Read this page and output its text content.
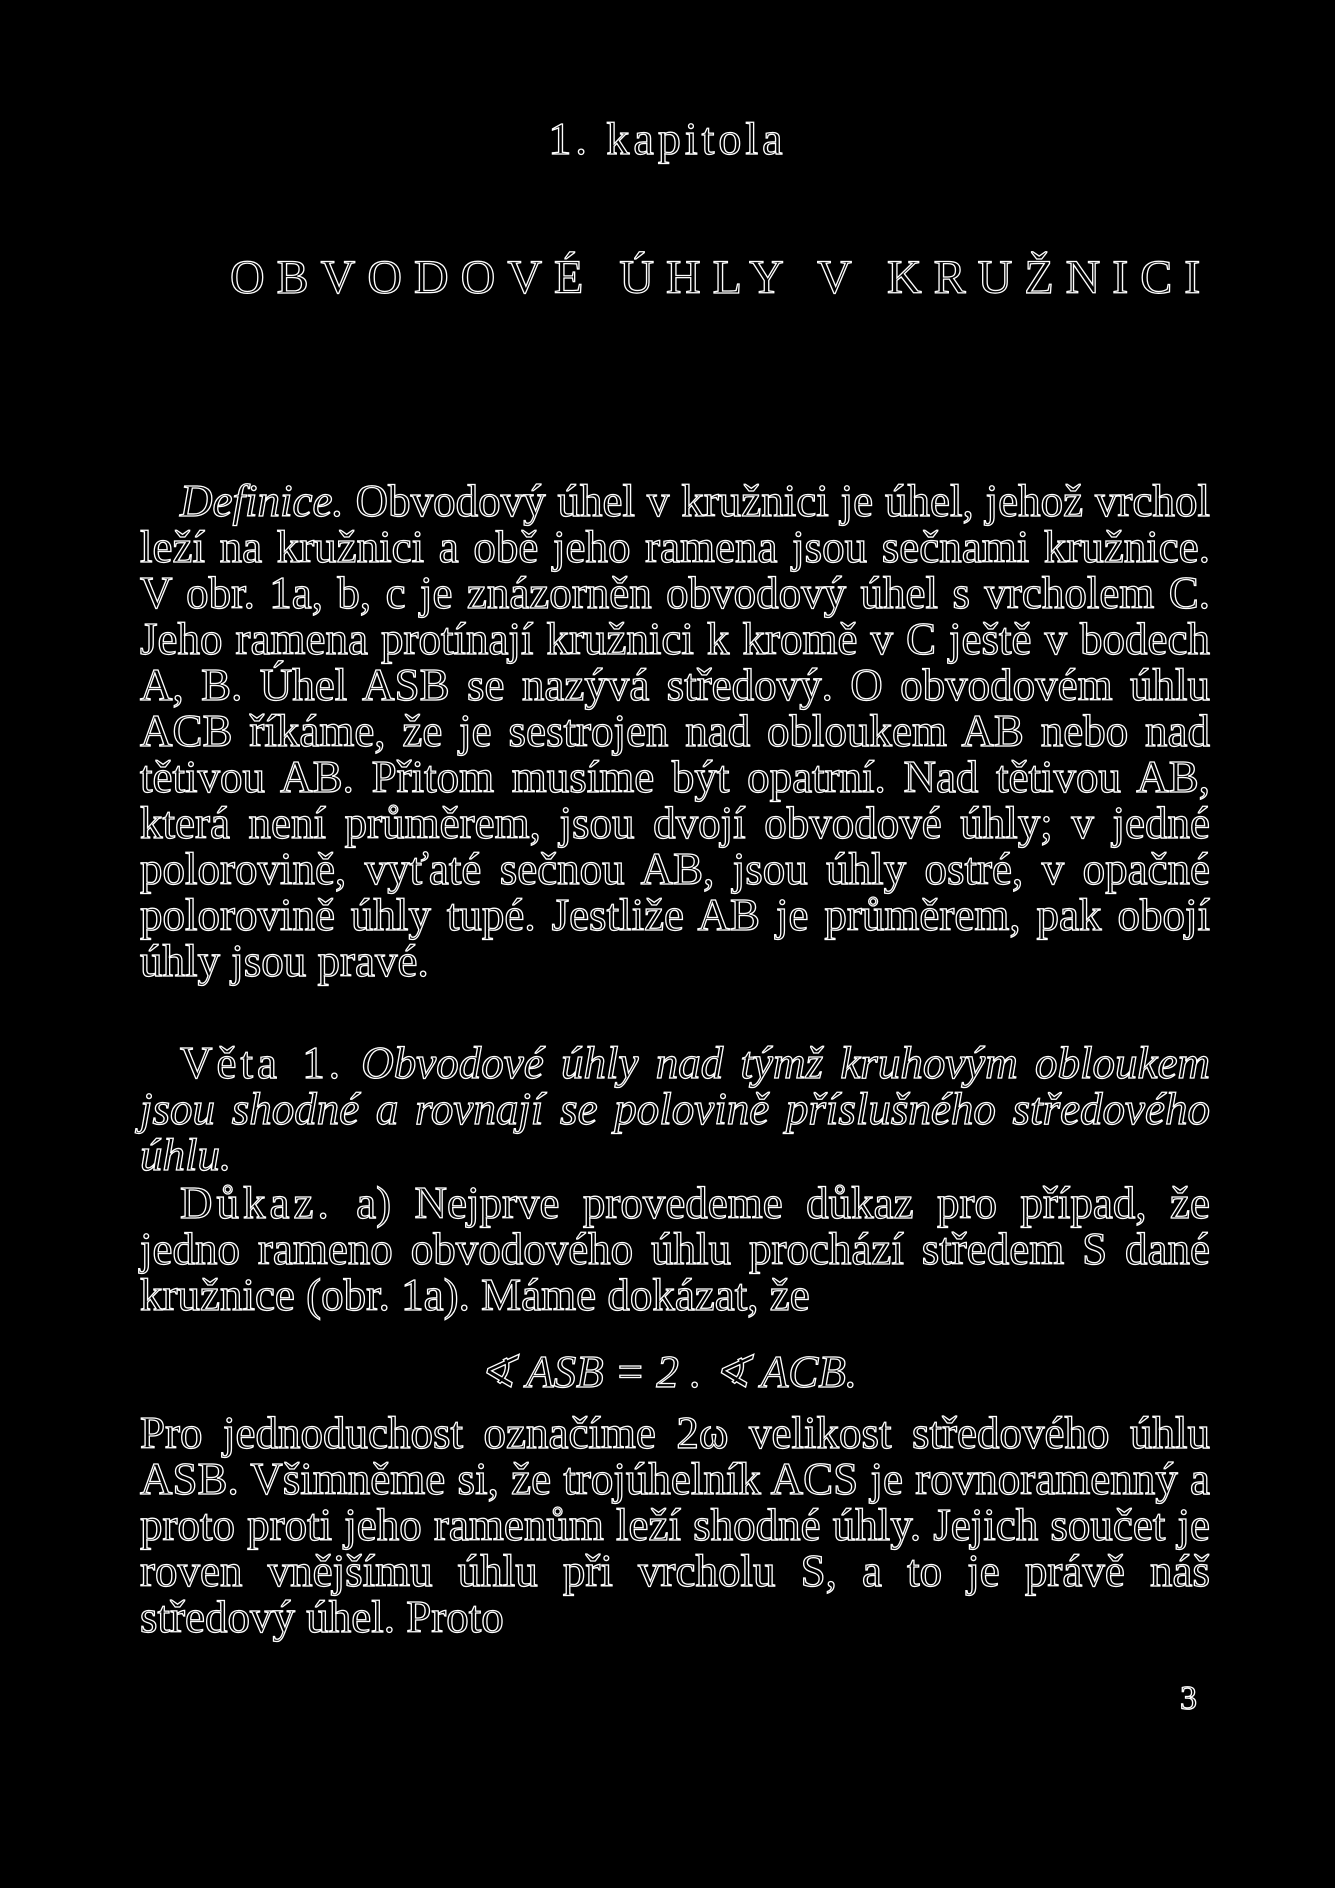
1. kapitola
OBVODOVÉ ÚHLY V KRUŽNICI
Definice. Obvodový úhel v kružnici je úhel, jehož vrchol leží na kružnici a obě jeho ramena jsou sečnami kružnice. V obr. 1a, b, c je znázorněn obvodový úhel s vrcholem C. Jeho ramena protínají kružnici k kromě v C ještě v bodech A, B. Úhel ASB se nazývá středový. O obvodovém úhlu ACB říkáme, že je sestrojen nad obloukem AB nebo nad tětivou AB. Přitom musíme být opatrní. Nad tětivou AB, která není průměrem, jsou dvojí obvodové úhly; v jedné polorovině, vyťaté sečnou AB, jsou úhly ostré, v opačné polorovině úhly tupé. Jestliže AB je průměrem, pak obojí úhly jsou pravé.
Věta 1. Obvodové úhly nad týmž kruhovým obloukem jsou shodné a rovnají se polovině příslušného středového úhlu.
Důkaz. a) Nejprve provedeme důkaz pro případ, že jedno rameno obvodového úhlu prochází středem S dané kružnice (obr. 1a). Máme dokázat, že
∢ ASB = 2 . ∢ ACB.
Pro jednoduchost označíme 2ω velikost středového úhlu ASB. Všimněme si, že trojúhelník ACS je rovnoramenný a proto proti jeho ramenům leží shodné úhly. Jejich součet je roven vnějšímu úhlu při vrcholu S, a to je právě náš středový úhel. Proto
3
